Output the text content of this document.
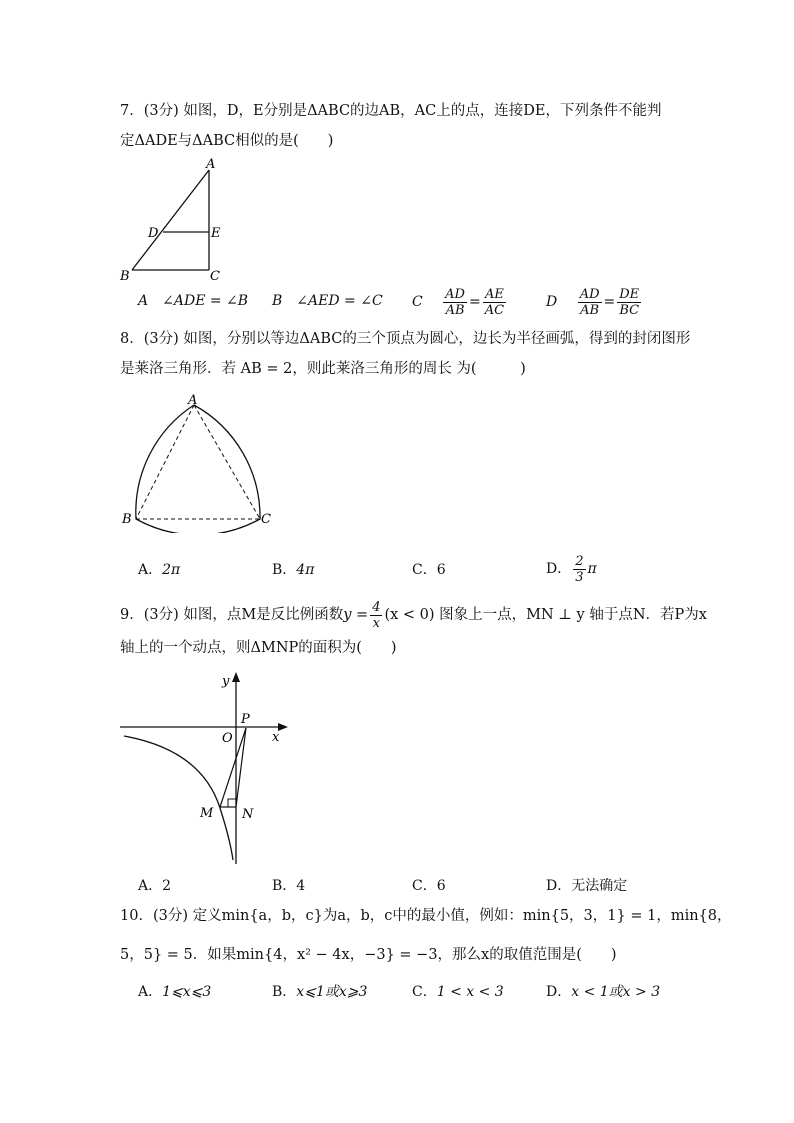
7．(3分) 如图，D，E分别是ΔABC的边AB，AC上的点，连接DE，下列条件不能判
定ΔADE与ΔABC相似的是(　　)
A
D	E
B	C
A　 ∠ADE = ∠B B　 ∠AED = ∠C C　 $\frac{AD}{AB} = \frac{AE}{AC}$	D　 $\frac{AD}{AB} = \frac{DE}{BC}$
8．(3分) 如图，分别以等边ΔABC的三个顶点为圆心，边长为半径画弧，得到的封闭图形
是莱洛三角形．若 AB = 2，则此莱洛三角形的周长 为(　　　)
A
B	C
A．2π	B．4π	C．6	D． $\frac{2}{3}$ π
9．(3分) 如图，点M是反比例函数$y = \frac{4}{x} (x < 0)$ 图象上一点，MN ⊥ y 轴于点N．若P为x
轴上的一个动点，则ΔMNP的面积为(　　)
y
x
O
P
M N
A．2	B．4	C．6	D．无法确定
10．(3分) 定义min{a，b，c}为a，b，c中的最小值，例如：min{5，3，1} = 1，min{8，
5，5} = 5．如果min{4，x² − 4x，−3} = −3，那么x的取值范围是(　　)
A．1⩽x⩽3	B．x⩽1或x⩾3	C．1 < x < 3	D．x < 1或x > 3
